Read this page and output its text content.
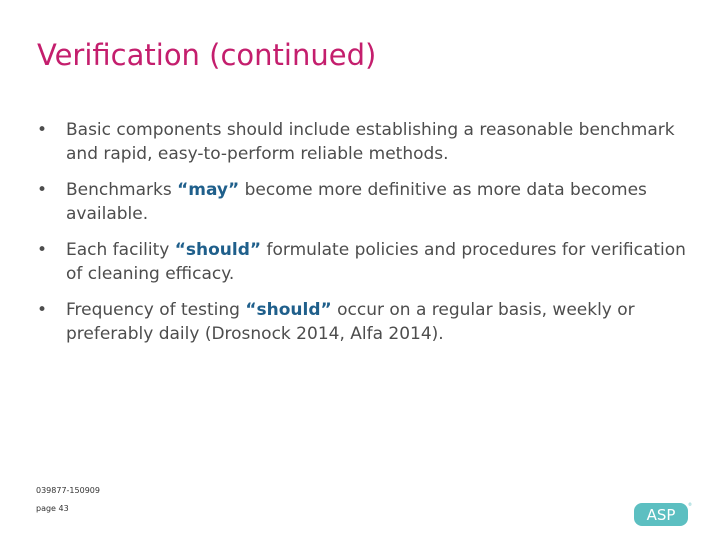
Verification (continued)
• Basic components should include establishing a reasonable benchmark and rapid, easy-to-perform reliable methods.
• Benchmarks “may” become more definitive as more data becomes available.
• Each facility “should” formulate policies and procedures for verification of cleaning efficacy.
• Frequency of testing “should” occur on a regular basis, weekly or preferably daily (Drosnock 2014, Alfa 2014).
039877-150909
page 43	ASP
®
